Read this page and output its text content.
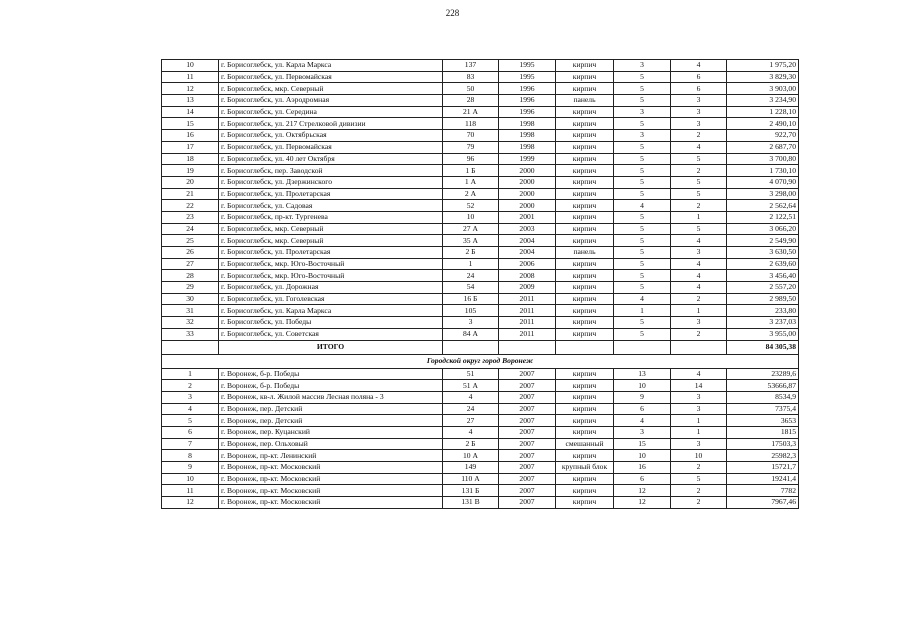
228
10	г. Борисоглебск, ул. Карла Маркса	137	1995	кирпич	3	4	1 975,20
11	г. Борисоглебск, ул. Первомайская	83	1995	кирпич	5	6	3 829,30
12	г. Борисоглебск, мкр. Северный	50	1996	кирпич	5	6	3 903,00
13	г. Борисоглебск, ул. Аэродромная	28	1996	панель	5	3	3 234,90
14	г. Борисоглебск, ул. Середина	21 А	1996	кирпич	3	3	1 228,10
15	г. Борисоглебск, ул. 217 Стрелковой дивизии	118	1998	кирпич	5	3	2 490,10
16	г. Борисоглебск, ул. Октябрьская	70	1998	кирпич	3	2	922,70
17	г. Борисоглебск, ул. Первомайская	79	1998	кирпич	5	4	2 687,70
18	г. Борисоглебск, ул. 40 лет Октября	96	1999	кирпич	5	5	3 700,80
19	г. Борисоглебск, пер. Заводской	1 Б	2000	кирпич	5	2	1 730,10
20	г. Борисоглебск, ул. Дзержинского	1 А	2000	кирпич	5	5	4 070,90
21	г. Борисоглебск, ул. Пролетарская	2 А	2000	кирпич	5	5	3 298,00
22	г. Борисоглебск, ул. Садовая	52	2000	кирпич	4	2	2 562,64
23	г. Борисоглебск, пр-кт. Тургенева	10	2001	кирпич	5	1	2 122,51
24	г. Борисоглебск, мкр. Северный	27 А	2003	кирпич	5	5	3 066,20
25	г. Борисоглебск, мкр. Северный	35 А	2004	кирпич	5	4	2 549,90
26	г. Борисоглебск, ул. Пролетарская	2 Б	2004	панель	5	3	3 630,50
27	г. Борисоглебск, мкр. Юго-Восточный	1	2006	кирпич	5	4	2 639,60
28	г. Борисоглебск, мкр. Юго-Восточный	24	2008	кирпич	5	4	3 456,40
29	г. Борисоглебск, ул. Дорожная	54	2009	кирпич	5	4	2 557,20
30	г. Борисоглебск, ул. Гоголевская	16 Б	2011	кирпич	4	2	2 989,50
31	г. Борисоглебск, ул. Карла Маркса	105	2011	кирпич	1	1	233,80
32	г. Борисоглебск, ул. Победы	3	2011	кирпич	5	3	3 237,03
33	г. Борисоглебск, ул. Советская	84 А	2011	кирпич	5	2	3 955,00
	ИТОГО						84 305,38
Городской округ город Воронеж							
1	г. Воронеж, б-р. Победы	51	2007	кирпич	13	4	23289,6
2	г. Воронеж, б-р. Победы	51 А	2007	кирпич	10	14	53666,87
3	г. Воронеж, кв-л. Жилой массив Лесная поляна - 3	4	2007	кирпич	9	3	8534,9
4	г. Воронеж, пер. Детский	24	2007	кирпич	6	3	7375,4
5	г. Воронеж, пер. Детский	27	2007	кирпич	4	1	3653
6	г. Воронеж, пер. Куцанский	4	2007	кирпич	3	1	1815
7	г. Воронеж, пер. Ольховый	2 Б	2007	смешанный	15	3	17503,3
8	г. Воронеж, пр-кт. Ленинский	10 А	2007	кирпич	10	10	25982,3
9	г. Воронеж, пр-кт. Московский	149	2007	крупный блок	16	2	15721,7
10	г. Воронеж, пр-кт. Московский	110 А	2007	кирпич	6	5	19241,4
11	г. Воронеж, пр-кт. Московский	131 Б	2007	кирпич	12	2	7782
12	г. Воронеж, пр-кт. Московский	131 В	2007	кирпич	12	2	7967,46
